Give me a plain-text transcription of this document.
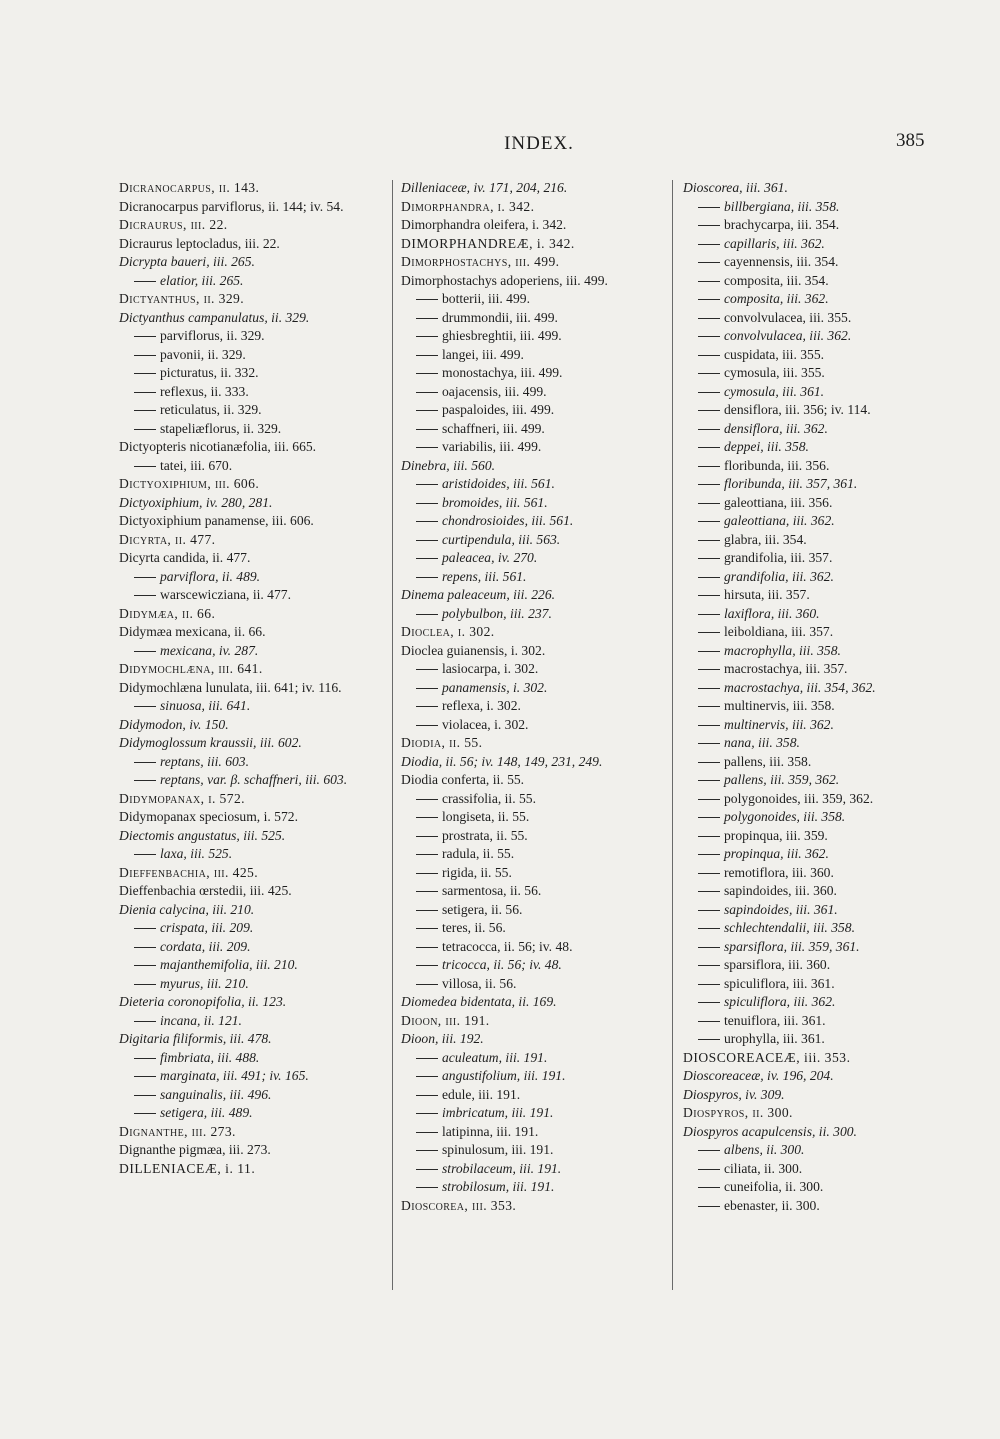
INDEX.	385
Dicranocarpus, ii. 143.
Dicranocarpus parviflorus, ii. 144; iv. 54.
Dicraurus, iii. 22.
Dicraurus leptocladus, iii. 22.
Dicrypta baueri, iii. 265.
elatior, iii. 265.
Dictyanthus, ii. 329.
Dictyanthus campanulatus, ii. 329.
parviflorus, ii. 329.
pavonii, ii. 329.
picturatus, ii. 332.
reflexus, ii. 333.
reticulatus, ii. 329.
stapeliæflorus, ii. 329.
Dictyopteris nicotianæfolia, iii. 665.
tatei, iii. 670.
Dictyoxiphium, iii. 606.
Dictyoxiphium, iv. 280, 281.
Dictyoxiphium panamense, iii. 606.
Dicyrta, ii. 477.
Dicyrta candida, ii. 477.
parviflora, ii. 489.
warscewicziana, ii. 477.
Didymæa, ii. 66.
Didymæa mexicana, ii. 66.
mexicana, iv. 287.
Didymochlæna, iii. 641.
Didymochlæna lunulata, iii. 641; iv. 116.
sinuosa, iii. 641.
Didymodon, iv. 150.
Didymoglossum kraussii, iii. 602.
reptans, iii. 603.
reptans, var. β. schaffneri, iii. 603.
Didymopanax, i. 572.
Didymopanax speciosum, i. 572.
Diectomis angustatus, iii. 525.
laxa, iii. 525.
Dieffenbachia, iii. 425.
Dieffenbachia œrstedii, iii. 425.
Dienia calycina, iii. 210.
crispata, iii. 209.
cordata, iii. 209.
majanthemifolia, iii. 210.
myurus, iii. 210.
Dieteria coronopifolia, ii. 123.
incana, ii. 121.
Digitaria filiformis, iii. 478.
fimbriata, iii. 488.
marginata, iii. 491; iv. 165.
sanguinalis, iii. 496.
setigera, iii. 489.
Dignanthe, iii. 273.
Dignanthe pigmæa, iii. 273.
DILLENIACEÆ, i. 11.
Dilleniaceæ, iv. 171, 204, 216.
Dimorphandra, i. 342.
Dimorphandra oleifera, i. 342.
DIMORPHANDREÆ, i. 342.
Dimorphostachys, iii. 499.
Dimorphostachys adoperiens, iii. 499.
botterii, iii. 499.
drummondii, iii. 499.
ghiesbreghtii, iii. 499.
langei, iii. 499.
monostachya, iii. 499.
oajacensis, iii. 499.
paspaloides, iii. 499.
schaffneri, iii. 499.
variabilis, iii. 499.
Dinebra, iii. 560.
aristidoides, iii. 561.
bromoides, iii. 561.
chondrosioides, iii. 561.
curtipendula, iii. 563.
paleacea, iv. 270.
repens, iii. 561.
Dinema paleaceum, iii. 226.
polybulbon, iii. 237.
Dioclea, i. 302.
Dioclea guianensis, i. 302.
lasiocarpa, i. 302.
panamensis, i. 302.
reflexa, i. 302.
violacea, i. 302.
Diodia, ii. 55.
Diodia, ii. 56; iv. 148, 149, 231, 249.
Diodia conferta, ii. 55.
crassifolia, ii. 55.
longiseta, ii. 55.
prostrata, ii. 55.
radula, ii. 55.
rigida, ii. 55.
sarmentosa, ii. 56.
setigera, ii. 56.
teres, ii. 56.
tetracocca, ii. 56; iv. 48.
tricocca, ii. 56; iv. 48.
villosa, ii. 56.
Diomedea bidentata, ii. 169.
Dioon, iii. 191.
Dioon, iii. 192.
aculeatum, iii. 191.
angustifolium, iii. 191.
edule, iii. 191.
imbricatum, iii. 191.
latipinna, iii. 191.
spinulosum, iii. 191.
strobilaceum, iii. 191.
strobilosum, iii. 191.
Dioscorea, iii. 353.
Dioscorea, iii. 361.
billbergiana, iii. 358.
brachycarpa, iii. 354.
capillaris, iii. 362.
cayennensis, iii. 354.
composita, iii. 354.
composita, iii. 362.
convolvulacea, iii. 355.
convolvulacea, iii. 362.
cuspidata, iii. 355.
cymosula, iii. 355.
cymosula, iii. 361.
densiflora, iii. 356; iv. 114.
densiflora, iii. 362.
deppei, iii. 358.
floribunda, iii. 356.
floribunda, iii. 357, 361.
galeottiana, iii. 356.
galeottiana, iii. 362.
glabra, iii. 354.
grandifolia, iii. 357.
grandifolia, iii. 362.
hirsuta, iii. 357.
laxiflora, iii. 360.
leiboldiana, iii. 357.
macrophylla, iii. 358.
macrostachya, iii. 357.
macrostachya, iii. 354, 362.
multinervis, iii. 358.
multinervis, iii. 362.
nana, iii. 358.
pallens, iii. 358.
pallens, iii. 359, 362.
polygonoides, iii. 359, 362.
polygonoides, iii. 358.
propinqua, iii. 359.
propinqua, iii. 362.
remotiflora, iii. 360.
sapindoides, iii. 360.
sapindoides, iii. 361.
schlechtendalii, iii. 358.
sparsiflora, iii. 359, 361.
sparsiflora, iii. 360.
spiculiflora, iii. 361.
spiculiflora, iii. 362.
tenuiflora, iii. 361.
urophylla, iii. 361.
DIOSCOREACEÆ, iii. 353.
Dioscoreaceæ, iv. 196, 204.
Diospyros, iv. 309.
Diospyros, ii. 300.
Diospyros acapulcensis, ii. 300.
albens, ii. 300.
ciliata, ii. 300.
cuneifolia, ii. 300.
ebenaster, ii. 300.
